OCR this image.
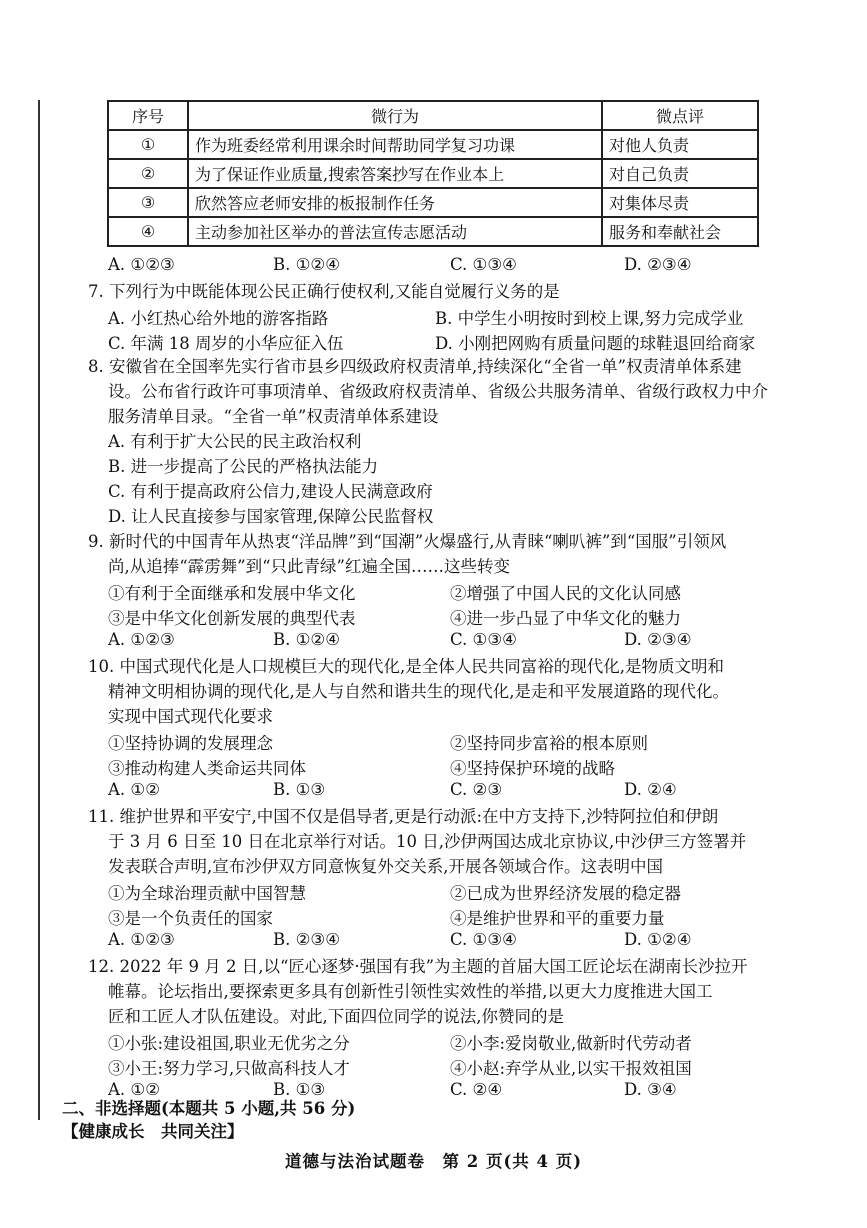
序号	微行为	微点评
①	作为班委经常利用课余时间帮助同学复习功课	对他人负责
②	为了保证作业质量,搜索答案抄写在作业本上	对自己负责
③	欣然答应老师安排的板报制作任务	对集体尽责
④	主动参加社区举办的普法宣传志愿活动	服务和奉献社会
A. ①②③	B. ①②④	C. ①③④	D. ②③④
7. 下列行为中既能体现公民正确行使权利,又能自觉履行义务的是
A. 小红热心给外地的游客指路	B. 中学生小明按时到校上课,努力完成学业
C. 年满 18 周岁的小华应征入伍	D. 小刚把网购有质量问题的球鞋退回给商家
8. 安徽省在全国率先实行省市县乡四级政府权责清单,持续深化“全省一单”权责清单体系建
设。公布省行政许可事项清单、省级政府权责清单、省级公共服务清单、省级行政权力中介
服务清单目录。“全省一单”权责清单体系建设
A. 有利于扩大公民的民主政治权利
B. 进一步提高了公民的严格执法能力
C. 有利于提高政府公信力,建设人民满意政府
D. 让人民直接参与国家管理,保障公民监督权
9. 新时代的中国青年从热衷“洋品牌”到“国潮”火爆盛行,从青睐“喇叭裤”到“国服”引领风
尚,从追捧“霹雳舞”到“只此青绿”红遍全国……这些转变
①有利于全面继承和发展中华文化	②增强了中国人民的文化认同感
③是中华文化创新发展的典型代表	④进一步凸显了中华文化的魅力
A. ①②③	B. ①②④	C. ①③④	D. ②③④
10. 中国式现代化是人口规模巨大的现代化,是全体人民共同富裕的现代化,是物质文明和
精神文明相协调的现代化,是人与自然和谐共生的现代化,是走和平发展道路的现代化。
实现中国式现代化要求
①坚持协调的发展理念	②坚持同步富裕的根本原则
③推动构建人类命运共同体	④坚持保护环境的战略
A. ①②	B. ①③	C. ②③	D. ②④
11. 维护世界和平安宁,中国不仅是倡导者,更是行动派:在中方支持下,沙特阿拉伯和伊朗
于 3 月 6 日至 10 日在北京举行对话。10 日,沙伊两国达成北京协议,中沙伊三方签署并
发表联合声明,宣布沙伊双方同意恢复外交关系,开展各领域合作。这表明中国
①为全球治理贡献中国智慧	②已成为世界经济发展的稳定器
③是一个负责任的国家	④是维护世界和平的重要力量
A. ①②③	B. ②③④	C. ①③④	D. ①②④
12. 2022 年 9 月 2 日,以“匠心逐梦·强国有我”为主题的首届大国工匠论坛在湖南长沙拉开
帷幕。论坛指出,要探索更多具有创新性引领性实效性的举措,以更大力度推进大国工
匠和工匠人才队伍建设。对此,下面四位同学的说法,你赞同的是
①小张:建设祖国,职业无优劣之分	②小李:爱岗敬业,做新时代劳动者
③小王:努力学习,只做高科技人才	④小赵:弃学从业,以实干报效祖国
A. ①②	B. ①③	C. ②④	D. ③④
二、非选择题(本题共 5 小题,共 56 分)
【健康成长　共同关注】
道德与法治试题卷　第 2 页(共 4 页)
